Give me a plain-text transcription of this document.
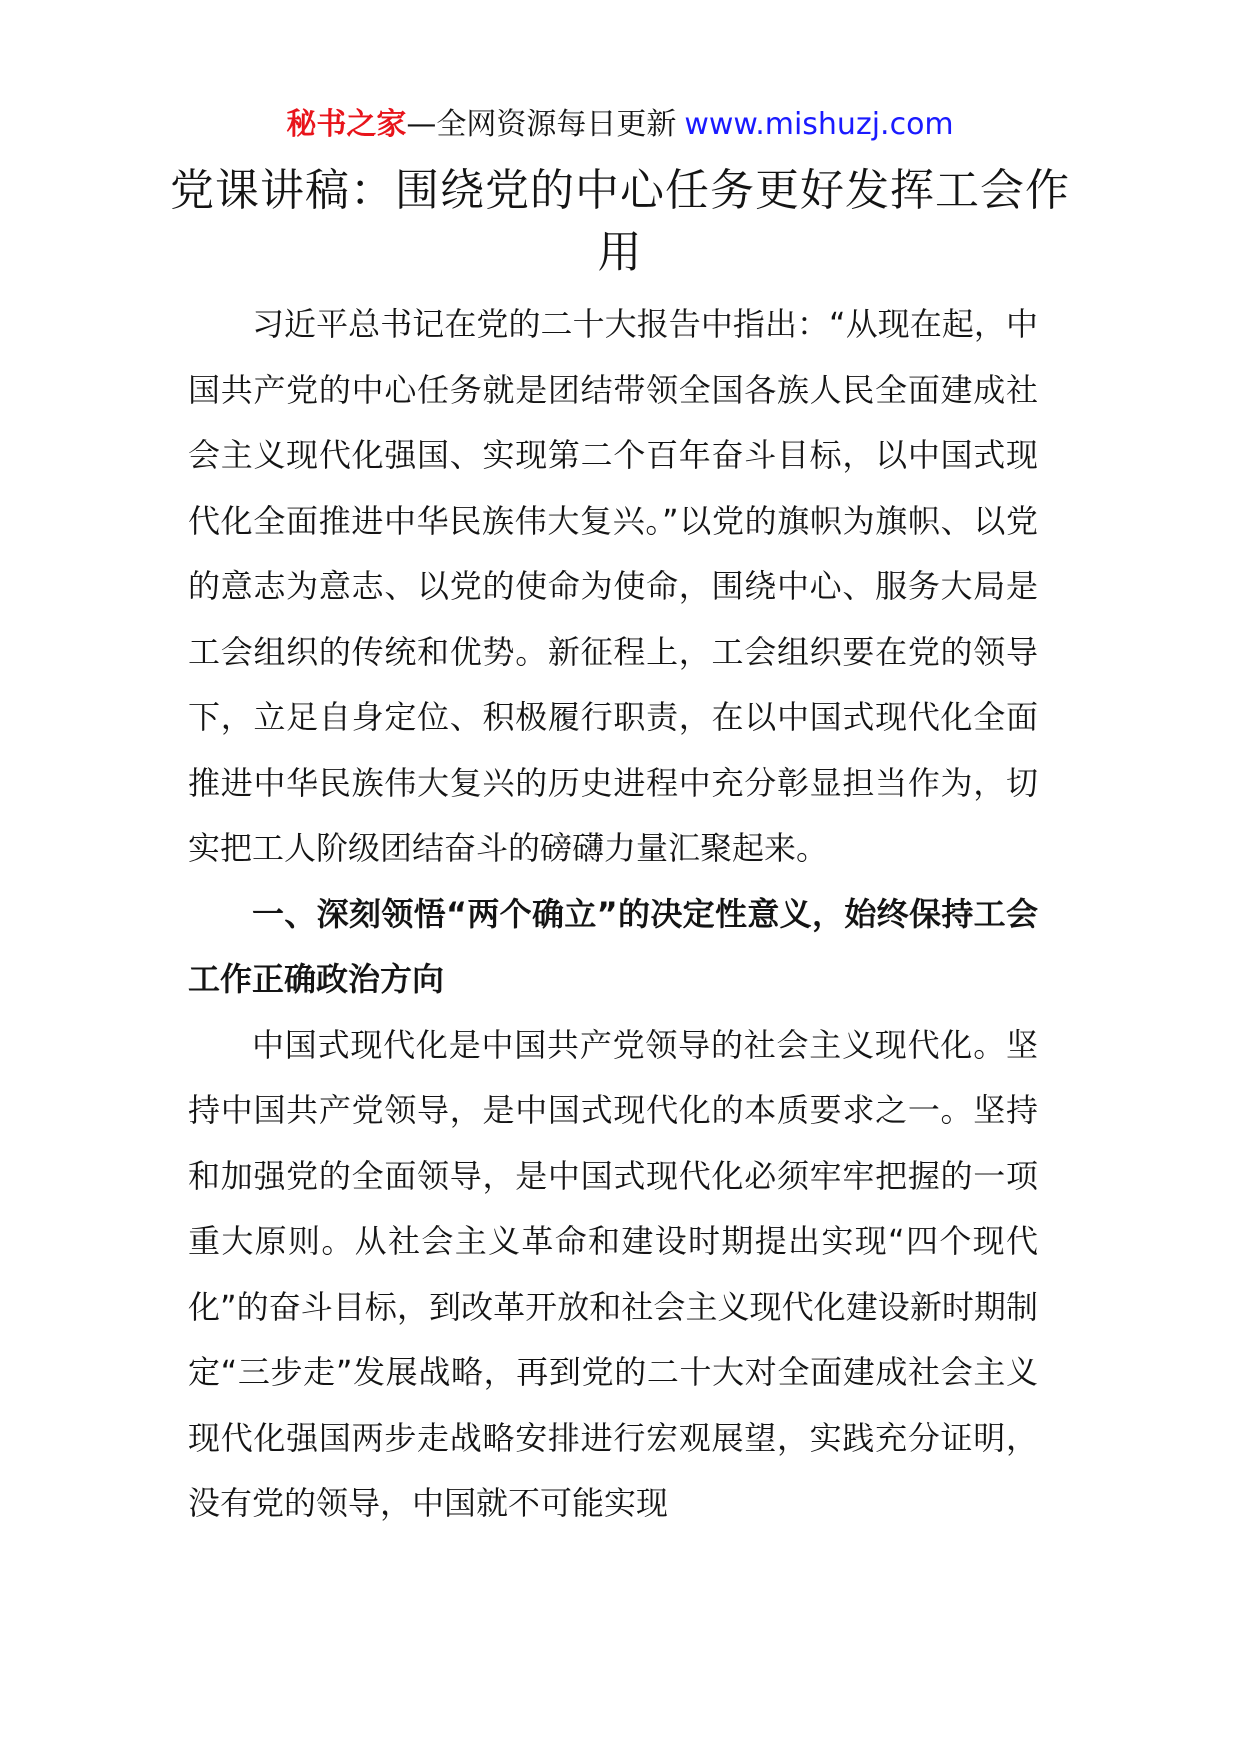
秘书之家—全网资源每日更新 www.mishuzj.com
党课讲稿：围绕党的中心任务更好发挥工会作用

习近平总书记在党的二十大报告中指出：“从现在起，中国共产党的中心任务就是团结带领全国各族人民全面建成社会主义现代化强国、实现第二个百年奋斗目标，以中国式现代化全面推进中华民族伟大复兴。”以党的旗帜为旗帜、以党的意志为意志、以党的使命为使命，围绕中心、服务大局是工会组织的传统和优势。新征程上，工会组织要在党的领导下，立足自身定位、积极履行职责，在以中国式现代化全面推进中华民族伟大复兴的历史进程中充分彰显担当作为，切实把工人阶级团结奋斗的磅礴力量汇聚起来。

一、深刻领悟“两个确立”的决定性意义，始终保持工会工作正确政治方向

中国式现代化是中国共产党领导的社会主义现代化。坚持中国共产党领导，是中国式现代化的本质要求之一。坚持和加强党的全面领导，是中国式现代化必须牢牢把握的一项重大原则。从社会主义革命和建设时期提出实现“四个现代化”的奋斗目标，到改革开放和社会主义现代化建设新时期制定“三步走”发展战略，再到党的二十大对全面建成社会主义现代化强国两步走战略安排进行宏观展望，实践充分证明，没有党的领导，中国就不可能实现
